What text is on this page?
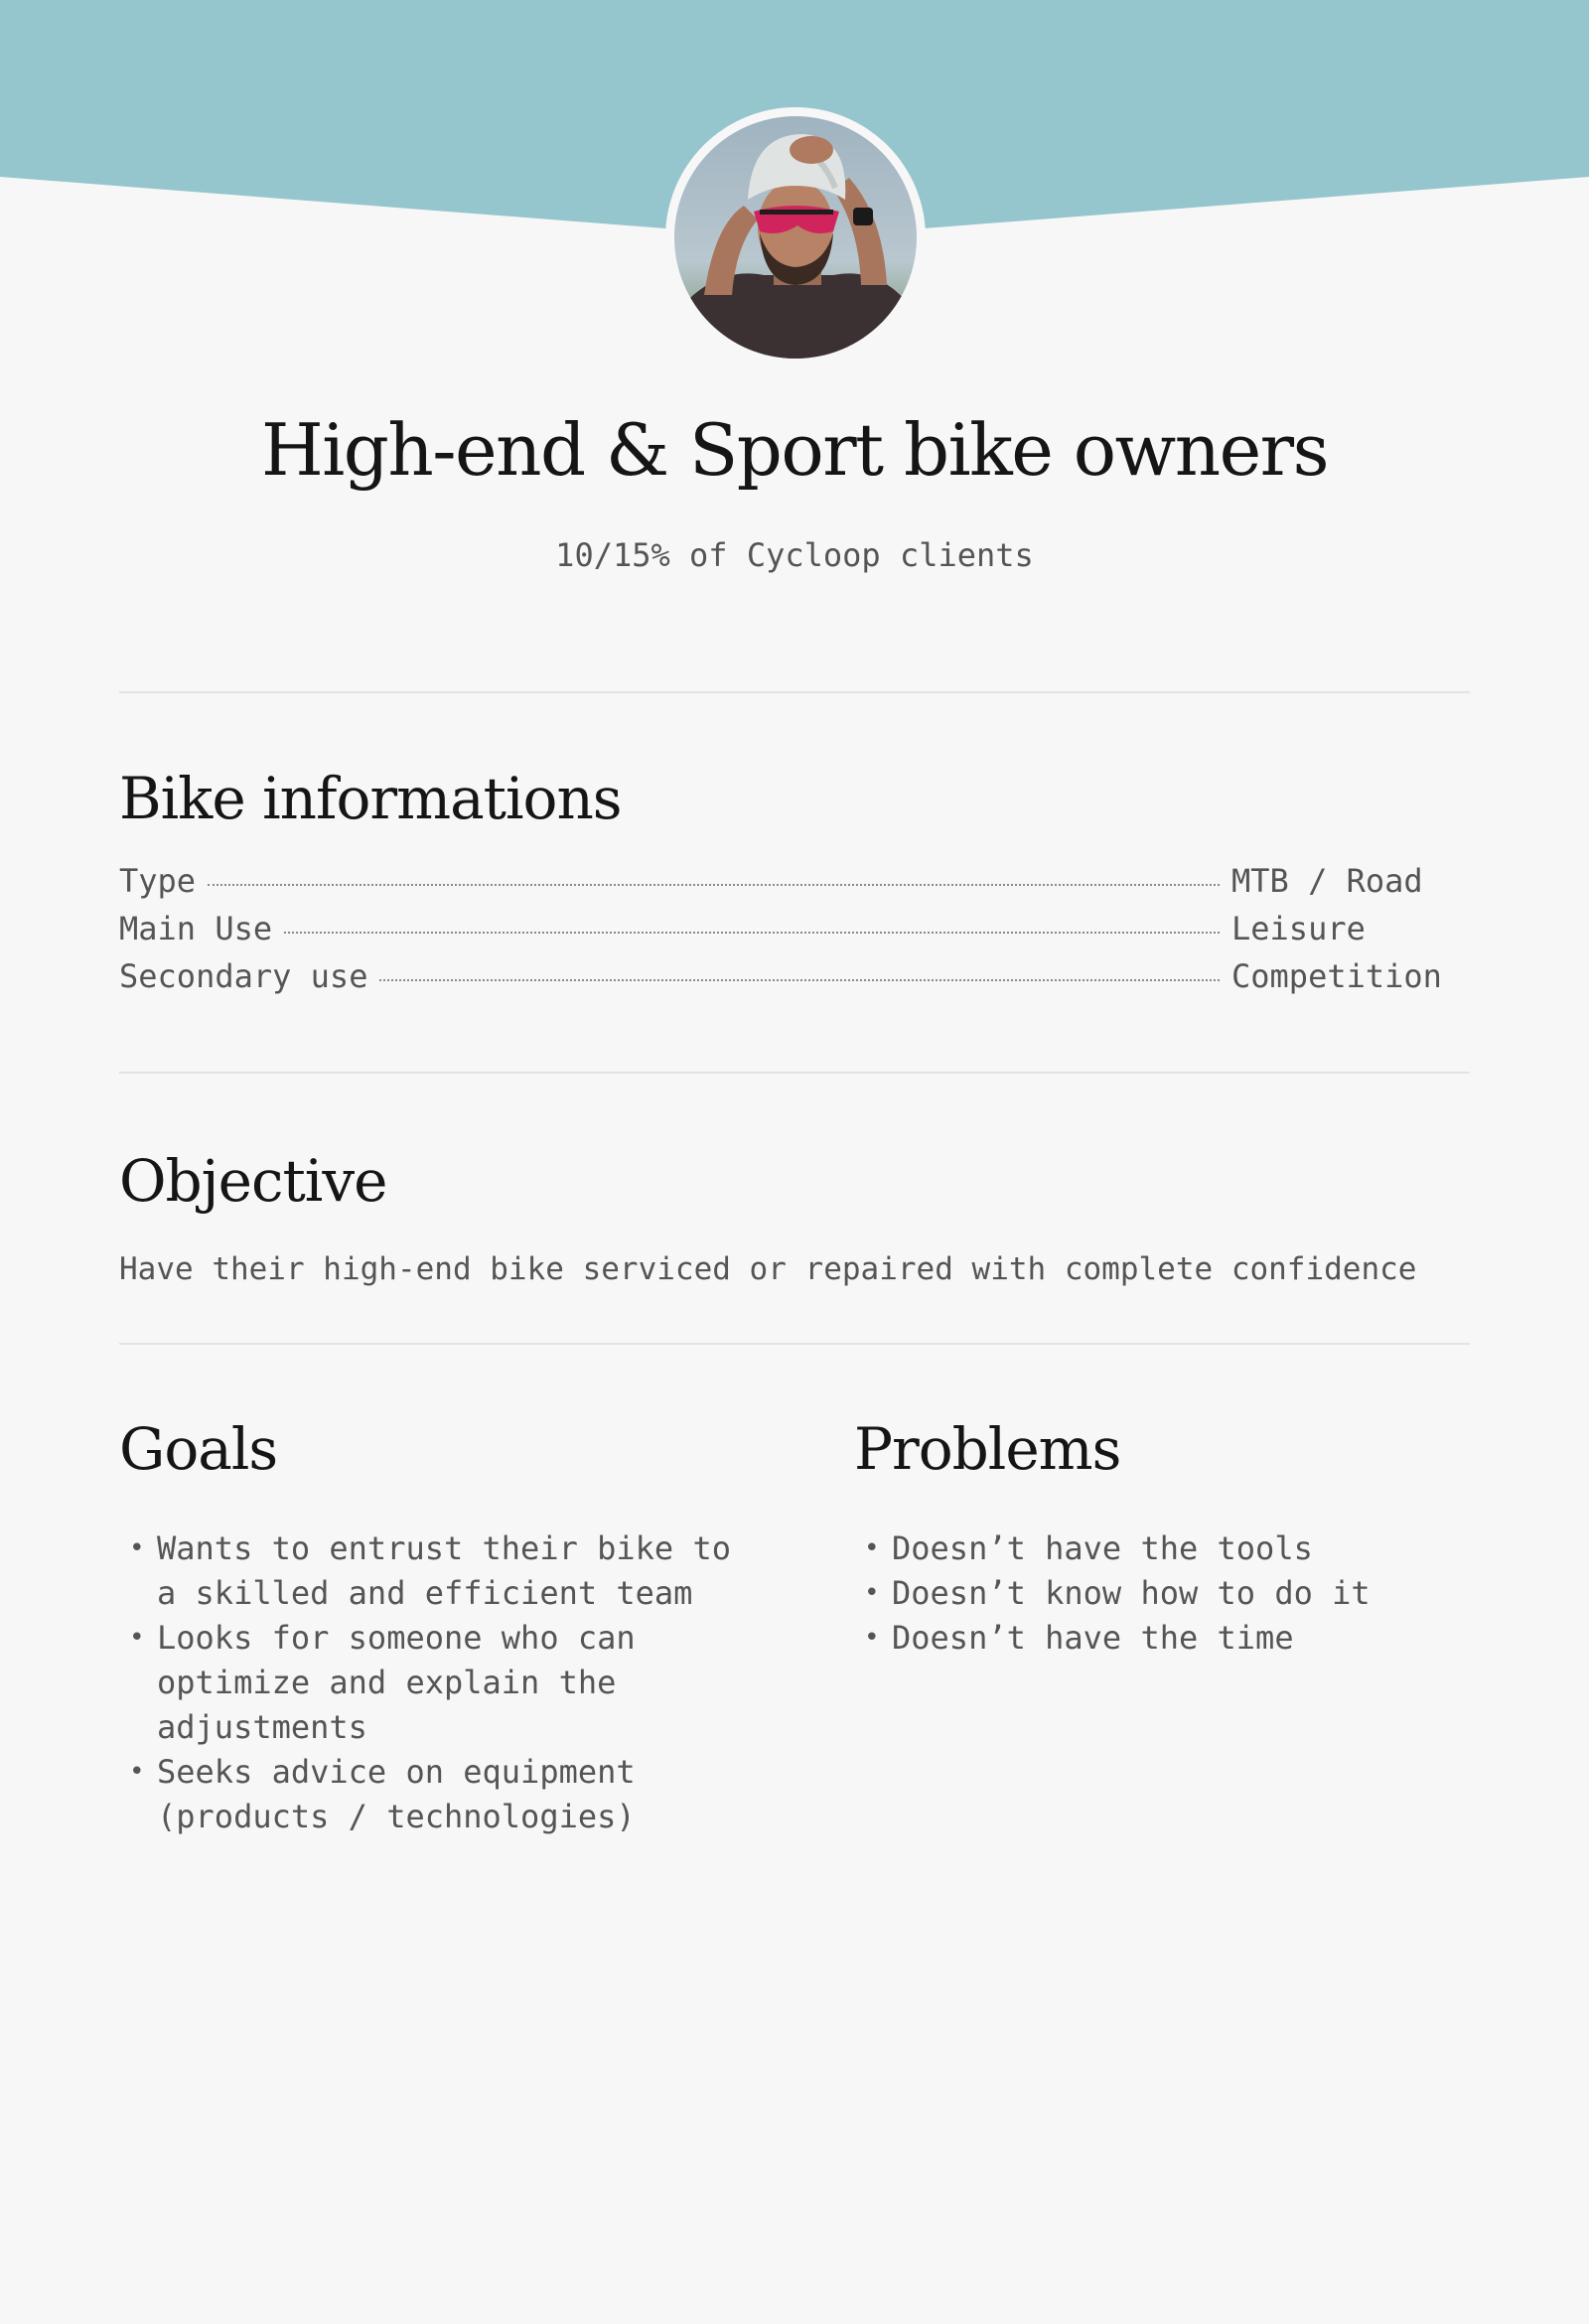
High-end & Sport bike owners
10/15% of Cycloop clients
Bike informations
Type	MTB / Road
Main Use	Leisure
Secondary use	Competition
Objective
Have their high-end bike serviced or repaired with complete confidence
Goals
• Wants to entrust their bike to a skilled and efficient team
• Looks for someone who can optimize and explain the adjustments
• Seeks advice on equipment (products / technologies)
Problems
• Doesn’t have the tools
• Doesn’t know how to do it
• Doesn’t have the time
